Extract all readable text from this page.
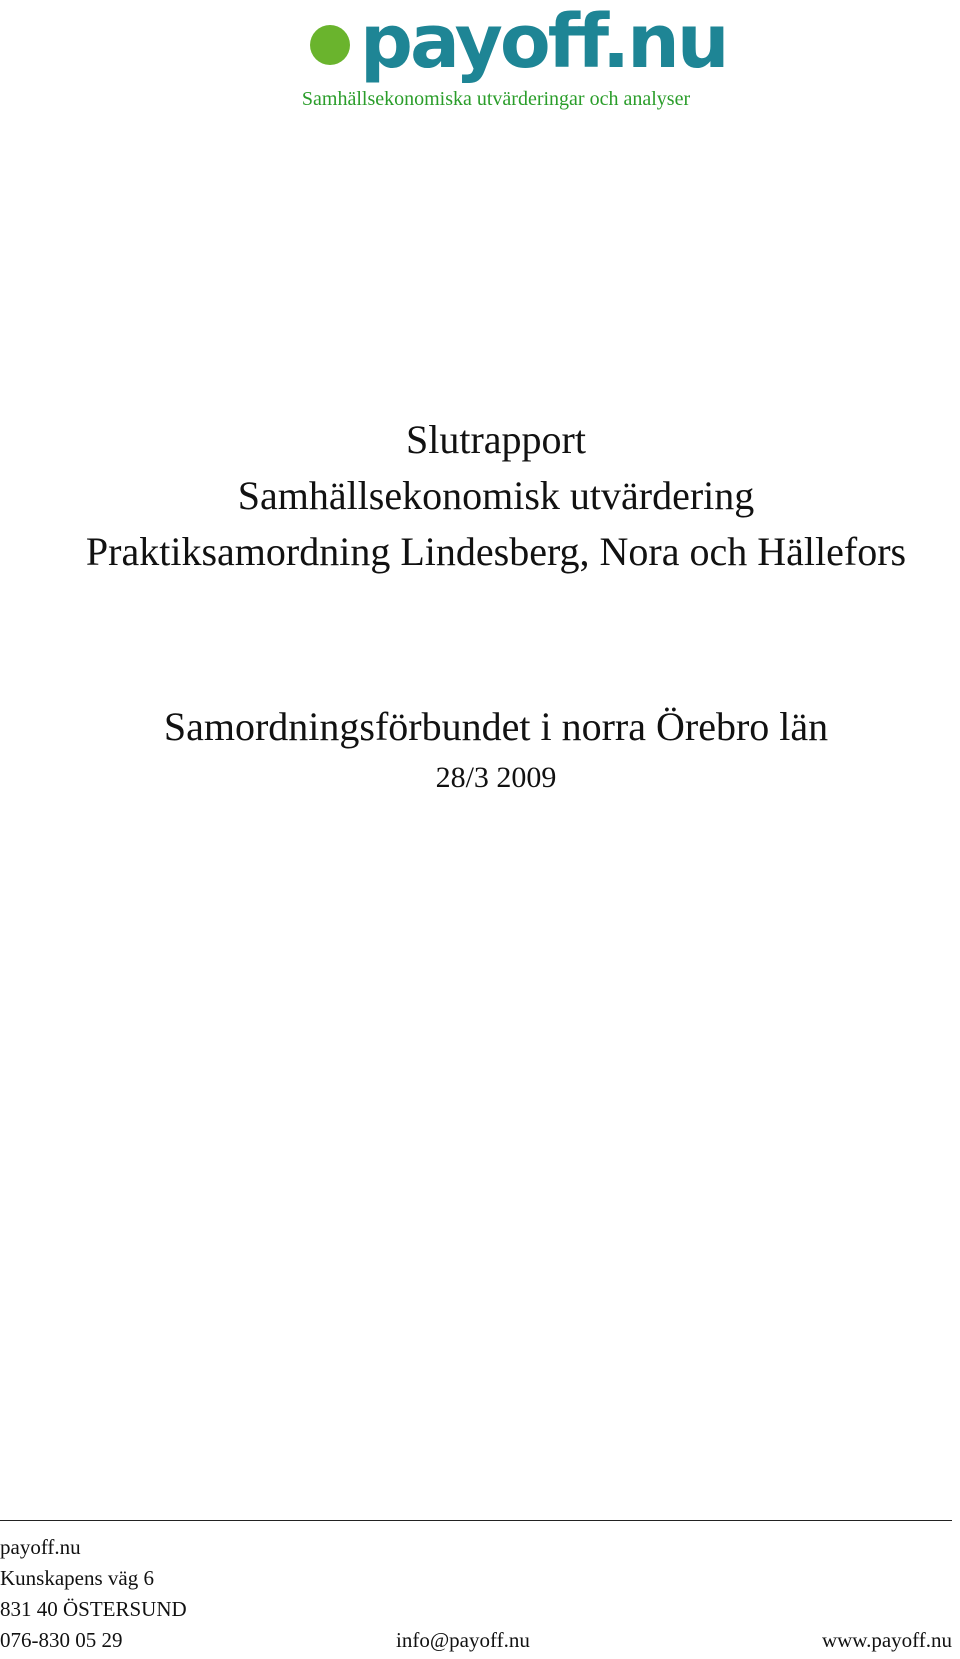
payoff.nu
Samhällsekonomiska utvärderingar och analyser
Slutrapport
Samhällsekonomisk utvärdering
Praktiksamordning Lindesberg, Nora och Hällefors
Samordningsförbundet i norra Örebro län
28/3 2009
payoff.nu
Kunskapens väg 6
831 40 ÖSTERSUND
076-830 05 29	info@payoff.nu	www.payoff.nu
